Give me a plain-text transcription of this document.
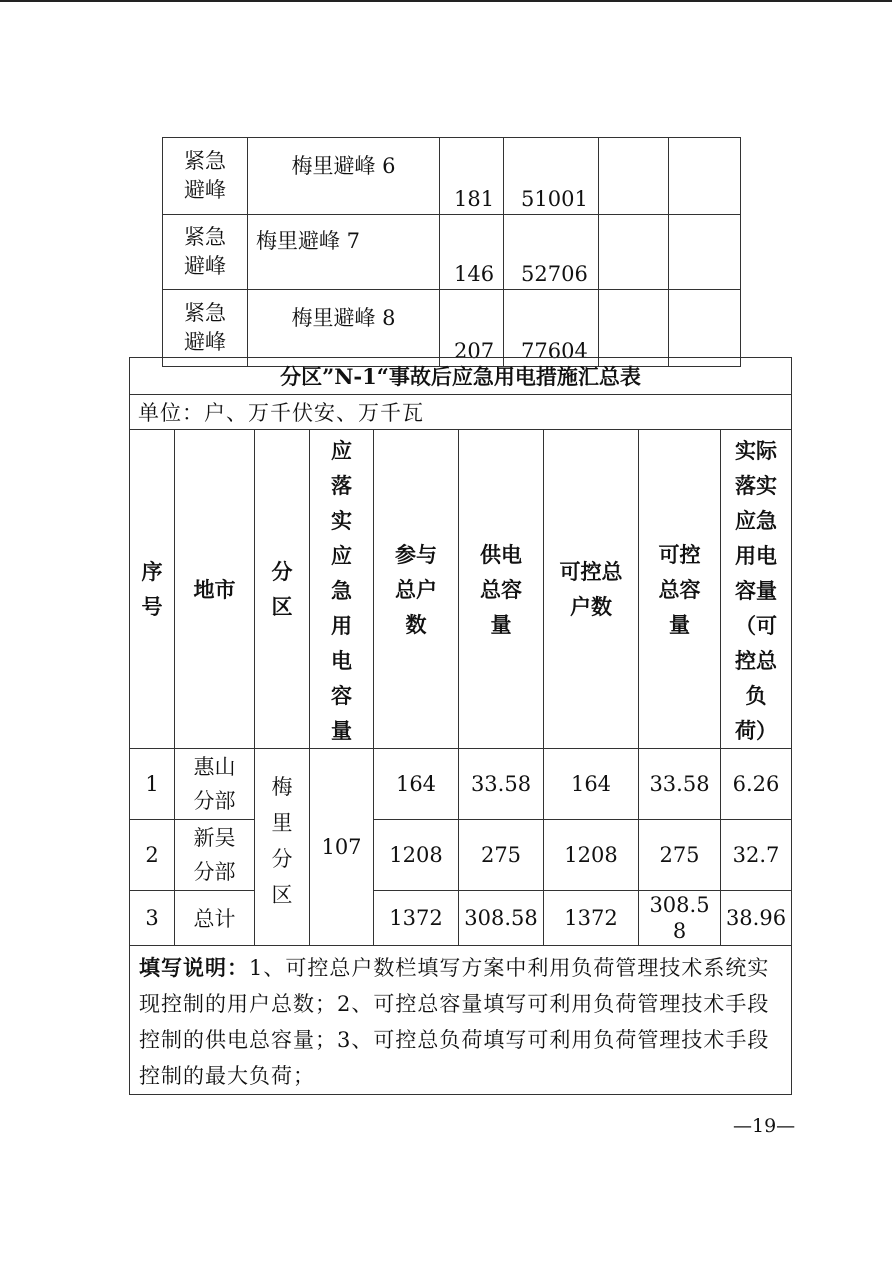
紧急
避峰	梅里避峰 6	181	51001		
紧急
避峰	梅里避峰 7	146	52706		
紧急
避峰	梅里避峰 8	207	77604		
分区”N-1“事故后应急用电措施汇总表								
单位：户、万千伏安、万千瓦								
序号	地市	分区	应落实应急用电容量	参与总户数	供电总容量	可控总户数	可控总容量	实际落实应急用电容量（可控总负荷）
1	惠山分部	梅里分区	107	164	33.58	164	33.58	6.26
2	新吴分部			1208	275	1208	275	32.7
3	总计			1372	308.58	1372	308.58	38.96
填写说明：1、可控总户数栏填写方案中利用负荷管理技术系统实现控制的用户总数；2、可控总容量填写可利用负荷管理技术手段控制的供电总容量；3、可控总负荷填写可利用负荷管理技术手段控制的最大负荷；								
—19—
